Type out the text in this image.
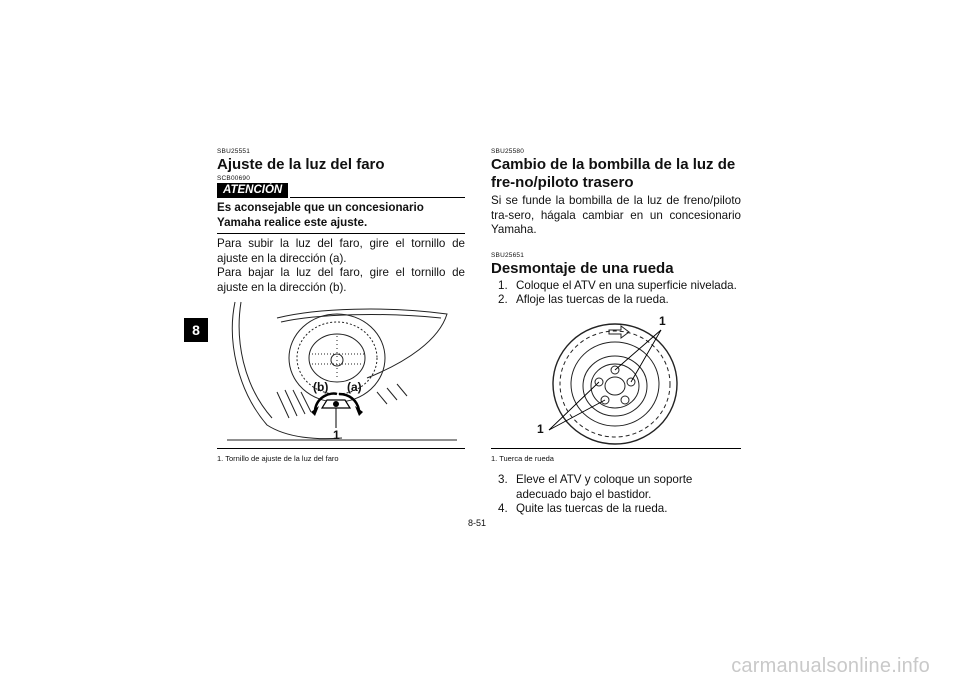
8
SBU25551
Ajuste de la luz del faro
SCB00690
ATENCIÓN
Es aconsejable que un concesionario Yamaha realice este ajuste.

Para subir la luz del faro, gire el tornillo de ajuste en la dirección (a).

Para bajar la luz del faro, gire el tornillo de ajuste en la dirección (b).

(b) (a)
1
1. Tornillo de ajuste de la luz del faro
SBU25580
Cambio de la bombilla de la luz de fre-no/piloto trasero

Si se funde la bombilla de la luz de freno/piloto tra-sero, hágala cambiar en un concesionario Yamaha.

SBU25651
Desmontaje de una rueda
1. Coloque el ATV en una superficie nivelada.
2. Afloje las tuercas de la rueda.
1
1
1. Tuerca de rueda
3. Eleve el ATV y coloque un soporte adecuado bajo el bastidor.
4. Quite las tuercas de la rueda.
8-51
carmanualsonline.info
